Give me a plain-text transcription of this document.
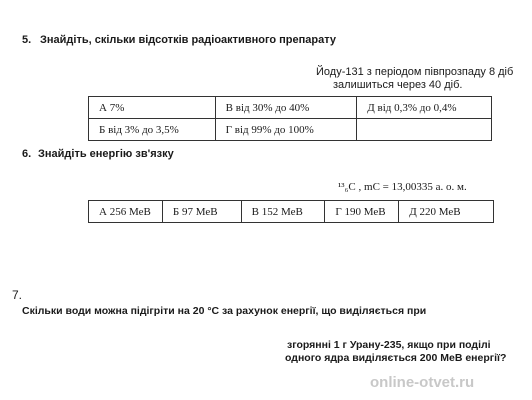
5. Знайдіть, скільки відсотків радіоактивного препарату
Йоду-131 з періодом півпрозпаду 8 діб
залишиться через 40 діб.
А 7%	В від 30% до 40%	Д від 0,3% до 0,4%
Б від 3% до 3,5%	Г від 99% до 100%	
6. Знайдіть енергію зв'язку
¹³₆C , mC = 13,00335 а. о. м.
А 256 МеВ	Б 97 МеВ	В 152 МеВ	Г 190 МеВ	Д 220 МеВ
7.
Скільки води можна підігріти на 20 °С за рахунок енергії, що виділяється при
згорянні 1 г Урану-235, якщо при поділі
одного ядра виділяється 200 МеВ енергії?
online-otvet.ru
